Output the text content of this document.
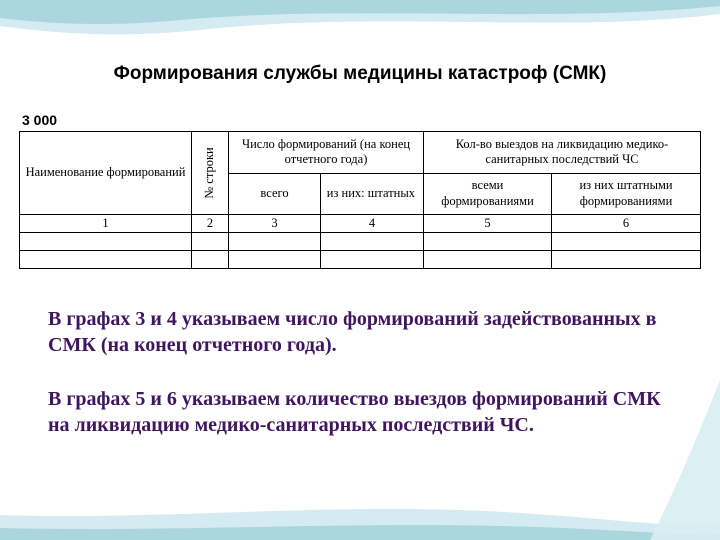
Формирования службы медицины катастроф (СМК)
3 000
Наименование формирований	№ строки	Число формирований (на конец отчетного года)		Кол-во выездов на ликвидацию медико-санитарных последствий ЧС	
		всего	из них: штатных	всеми формированиями	из них штатными формированиями
1	2	3	4	5	6

В графах 3 и 4 указываем число формирований задействованных в СМК (на конец отчетного года).
В графах 5 и 6 указываем количество выездов формирований СМК на ликвидацию медико-санитарных последствий ЧС.
